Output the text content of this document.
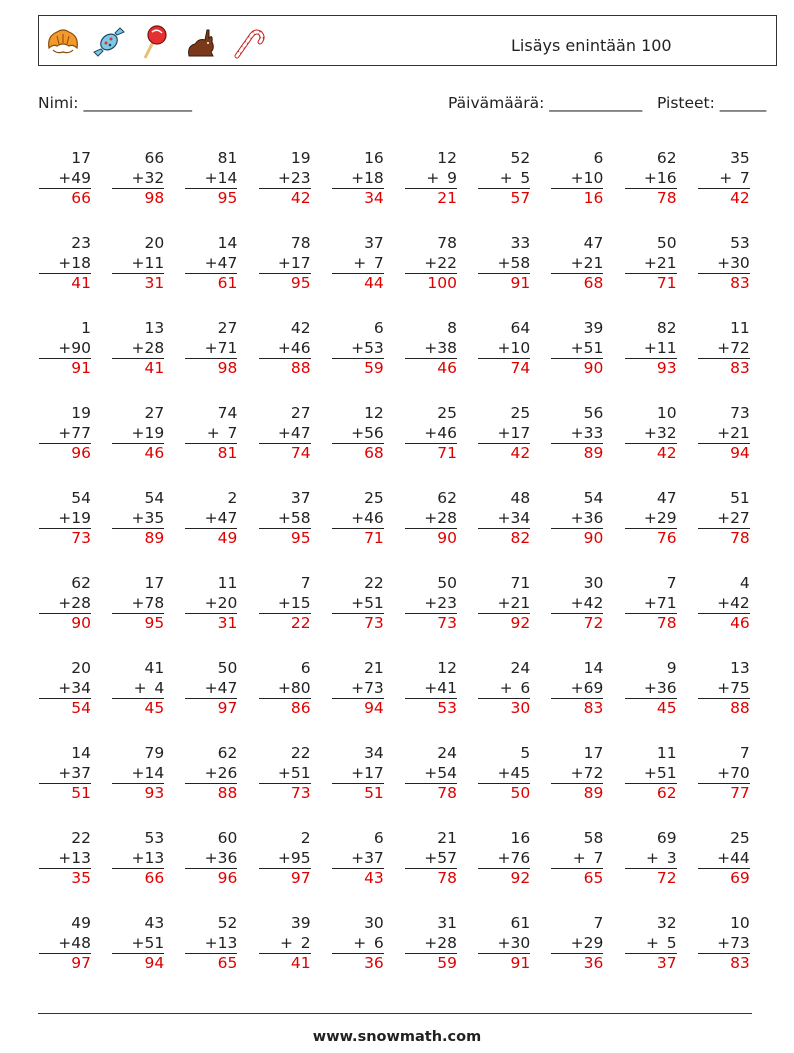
Lisäys enintään 100
Nimi: ______________	Päivämäärä: ____________ Pisteet: ______
17
+49
66
66
+32
98
81
+14
95
19
+23
42
16
+18
34
12
+ 9
21
52
+ 5
57
6
+10
16
62
+16
78
35
+ 7
42
23
+18
41
20
+11
31
14
+47
61
78
+17
95
37
+ 7
44
78
+22
100
33
+58
91
47
+21
68
50
+21
71
53
+30
83
1
+90
91
13
+28
41
27
+71
98
42
+46
88
6
+53
59
8
+38
46
64
+10
74
39
+51
90
82
+11
93
11
+72
83
19
+77
96
27
+19
46
74
+ 7
81
27
+47
74
12
+56
68
25
+46
71
25
+17
42
56
+33
89
10
+32
42
73
+21
94
54
+19
73
54
+35
89
2
+47
49
37
+58
95
25
+46
71
62
+28
90
48
+34
82
54
+36
90
47
+29
76
51
+27
78
62
+28
90
17
+78
95
11
+20
31
7
+15
22
22
+51
73
50
+23
73
71
+21
92
30
+42
72
7
+71
78
4
+42
46
20
+34
54
41
+ 4
45
50
+47
97
6
+80
86
21
+73
94
12
+41
53
24
+ 6
30
14
+69
83
9
+36
45
13
+75
88
14
+37
51
79
+14
93
62
+26
88
22
+51
73
34
+17
51
24
+54
78
5
+45
50
17
+72
89
11
+51
62
7
+70
77
22
+13
35
53
+13
66
60
+36
96
2
+95
97
6
+37
43
21
+57
78
16
+76
92
58
+ 7
65
69
+ 3
72
25
+44
69
49
+48
97
43
+51
94
52
+13
65
39
+ 2
41
30
+ 6
36
31
+28
59
61
+30
91
7
+29
36
32
+ 5
37
10
+73
83
www.snowmath.com
